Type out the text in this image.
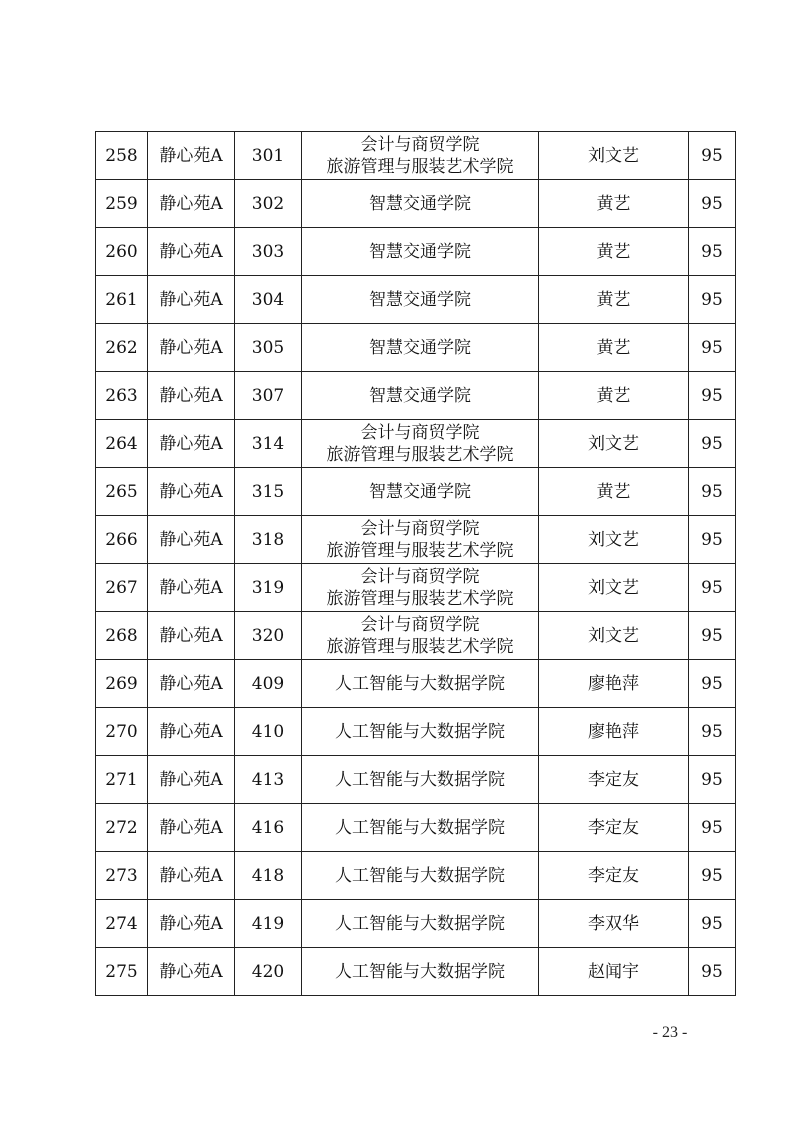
258	静心苑A	301	会计与商贸学院
旅游管理与服装艺术学院	刘文艺	95
259	静心苑A	302	智慧交通学院	黄艺	95
260	静心苑A	303	智慧交通学院	黄艺	95
261	静心苑A	304	智慧交通学院	黄艺	95
262	静心苑A	305	智慧交通学院	黄艺	95
263	静心苑A	307	智慧交通学院	黄艺	95
264	静心苑A	314	会计与商贸学院
旅游管理与服装艺术学院	刘文艺	95
265	静心苑A	315	智慧交通学院	黄艺	95
266	静心苑A	318	会计与商贸学院
旅游管理与服装艺术学院	刘文艺	95
267	静心苑A	319	会计与商贸学院
旅游管理与服装艺术学院	刘文艺	95
268	静心苑A	320	会计与商贸学院
旅游管理与服装艺术学院	刘文艺	95
269	静心苑A	409	人工智能与大数据学院	廖艳萍	95
270	静心苑A	410	人工智能与大数据学院	廖艳萍	95
271	静心苑A	413	人工智能与大数据学院	李定友	95
272	静心苑A	416	人工智能与大数据学院	李定友	95
273	静心苑A	418	人工智能与大数据学院	李定友	95
274	静心苑A	419	人工智能与大数据学院	李双华	95
275	静心苑A	420	人工智能与大数据学院	赵闻宇	95
- 23 -
